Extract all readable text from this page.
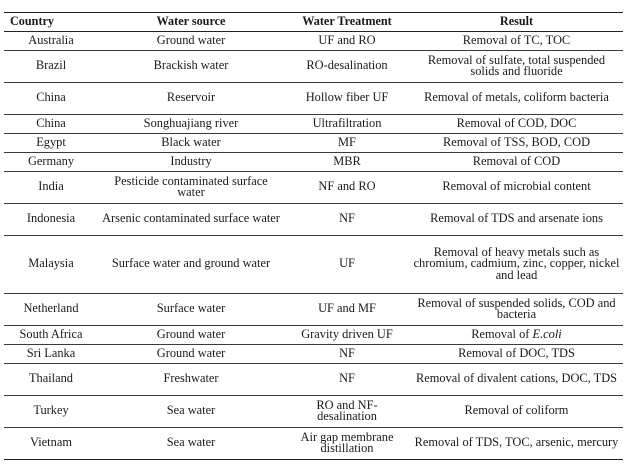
Country	Water source	Water Treatment	Result
Australia	Ground water	UF and RO	Removal of TC, TOC
Brazil	Brackish water	RO-desalination	Removal of sulfate, total suspended solids and fluoride
China	Reservoir	Hollow fiber UF	Removal of metals, coliform bacteria
China	Songhuajiang river	Ultrafiltration	Removal of COD, DOC
Egypt	Black water	MF	Removal of TSS, BOD, COD
Germany	Industry	MBR	Removal of COD
India	Pesticide contaminated surface water	NF and RO	Removal of microbial content
Indonesia	Arsenic contaminated surface water	NF	Removal of TDS and arsenate ions
Malaysia	Surface water and ground water	UF	Removal of heavy metals such as chromium, cadmium, zinc, copper, nickel and lead
Netherland	Surface water	UF and MF	Removal of suspended solids, COD and bacteria
South Africa	Ground water	Gravity driven UF	Removal of E.coli
Sri Lanka	Ground water	NF	Removal of DOC, TDS
Thailand	Freshwater	NF	Removal of divalent cations, DOC, TDS
Turkey	Sea water	RO and NF-desalination	Removal of coliform
Vietnam	Sea water	Air gap membrane distillation	Removal of TDS, TOC, arsenic, mercury
